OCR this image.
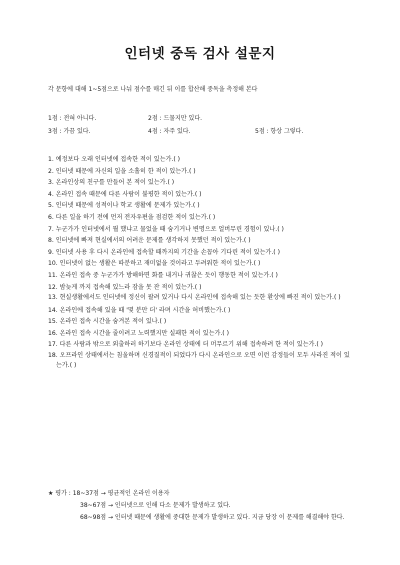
인터넷 중독 검사 설문지
각 문항에 대해 1~5점으로 나눠 점수를 매긴 뒤 이를 합산해 중독을 측정해 본다
1점 : 전혀 아니다.	2점 : 드물지만 있다.
3점 : 가끔 있다.	4점 : 자주 있다.	5점 : 항상 그렇다.
1. 예정보다 오래 인터넷에 접속한 적이 있는가.( )
2. 인터넷 때문에 자신의 일을 소홀히 한 적이 있는가.( )
3. 온라인상의 친구를 만들어 본 적이 있는가.( )
4. 온라인 접속 때문에 다른 사람이 불평한 적이 있는가.( )
5. 인터넷 때문에 성적이나 학교 생활에 문제가 있는가.( )
6. 다른 일을 하기 전에 먼저 전자우편을 점검한 적이 있는가.( )
7. 누군가가 인터넷에서 뭘 했냐고 물었을 때 숨기거나 변명으로 얼버무린 경험이 있나.( )
8. 인터넷에 빠져 현실에서의 어려운 문제를 생각하지 못했던 적이 있는가.( )
9. 인터넷 사용 후 다시 온라인에 접속할 때까지의 기간을 손꼽아 기다린 적이 있는가.( )
10. 인터넷이 없는 생활은 따분하고 재미없을 것이라고 두려워한 적이 있는가.( )
11. 온라인 접속 중 누군가가 방해하면 화를 내거나 귀찮은 듯이 행동한 적이 있는가.( )
12. 밤늦게 까지 접속해 있느라 잠을 못 잔 적이 있는가.( )
13. 현실생활에서도 인터넷에 정신이 팔려 있거나 다시 온라인에 접속해 있는 듯한 환상에 빠진 적이 있는가.( )
14. 온라인에 접속해 있을 때 '몇 분만 더' 라며 시간을 허비했는가.( )
15. 온라인 접속 시간을 숨겨본 적이 있나.( )
16. 온라인 접속 시간을 줄이려고 노력했지만 실패한 적이 있는가.( )
17. 다른 사람과 밖으로 외출하러 하기보다 온라인 상태에 더 머무르기 위해 접속하려 한 적이 있는가.( )
18. 오프라인 상태에서는 침울하며 신경질적이 되었다가 다시 온라인으로 오면 이런 감정들이 모두 사라진 적이 있는가.( )
★ 평가 : 18~37점 → 평균적인 온라인 이용자
38~67점 → 인터넷으로 인해 다소 문제가 발생하고 있다.
68~98점 → 인터넷 때문에 생활에 중대한 문제가 발생하고 있다. 지금 당장 이 문제를 해결해야 한다.
